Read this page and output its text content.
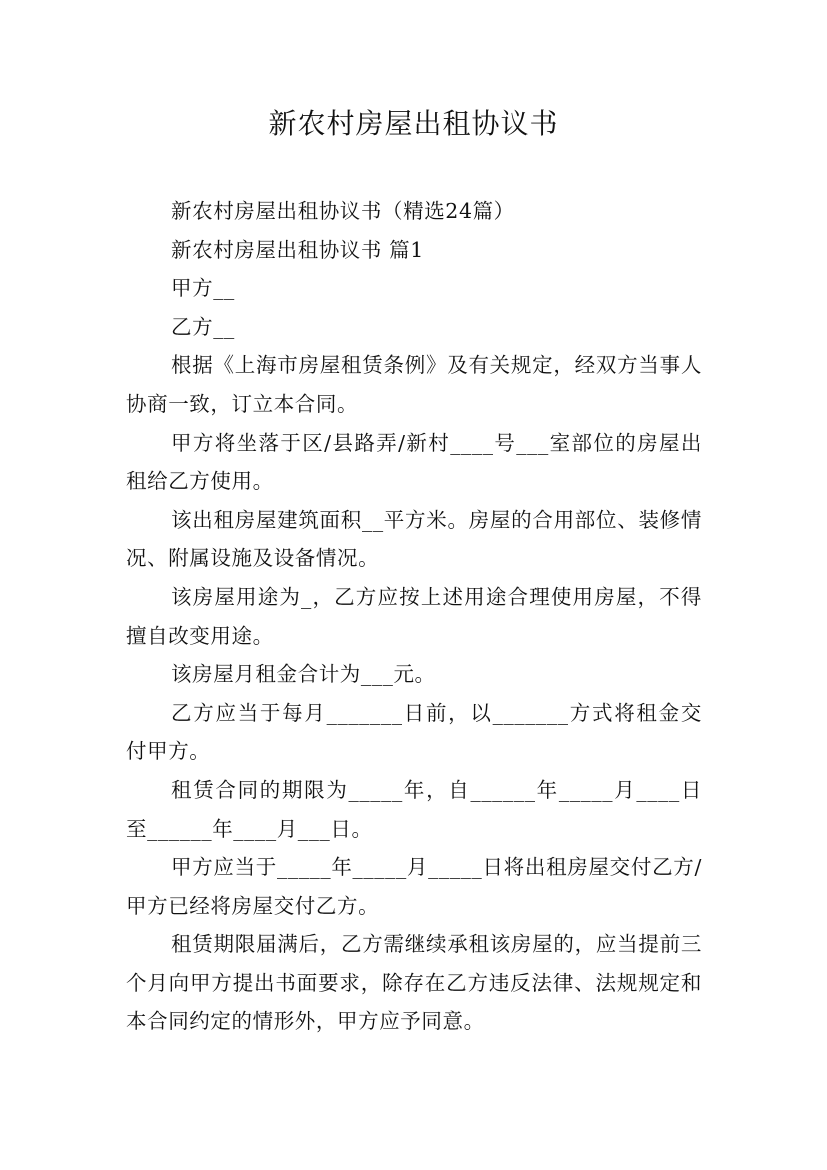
新农村房屋出租协议书

新农村房屋出租协议书（精选24篇）

新农村房屋出租协议书 篇1

甲方__

乙方__

根据《上海市房屋租赁条例》及有关规定，经双方当事人协商一致，订立本合同。

甲方将坐落于区/县路弄/新村____号___室部位的房屋出租给乙方使用。

该出租房屋建筑面积__平方米。房屋的合用部位、装修情况、附属设施及设备情况。

该房屋用途为_，乙方应按上述用途合理使用房屋，不得擅自改变用途。

该房屋月租金合计为___元。

乙方应当于每月_______日前，以_______方式将租金交付甲方。

租赁合同的期限为_____年，自______年_____月____日至______年____月___日。

甲方应当于_____年_____月_____日将出租房屋交付乙方/甲方已经将房屋交付乙方。

租赁期限届满后，乙方需继续承租该房屋的，应当提前三个月向甲方提出书面要求，除存在乙方违反法律、法规规定和本合同约定的情形外，甲方应予同意。
